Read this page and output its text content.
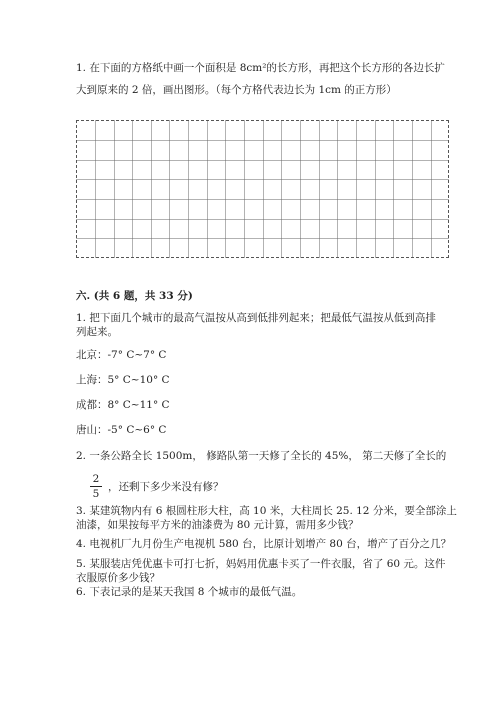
1. 在下面的方格纸中画一个面积是 8cm²的长方形，再把这个长方形的各边长扩
大到原来的 2 倍，画出图形。（每个方格代表边长为 1cm 的正方形）
六. (共 6 题，共 33 分)
1. 把下面几个城市的最高气温按从高到低排列起来；把最低气温按从低到高排
列起来。
北京：-7° C~7° C
上海：5° C~10° C
成都：8° C~11° C
唐山：-5° C~6° C
2. 一条公路全长 1500m， 修路队第一天修了全长的 45%， 第二天修了全长的
$\frac{2}{5}$ ，还剩下多少米没有修？
3. 某建筑物内有 6 根圆柱形大柱，高 10 米，大柱周长 25. 12 分米，要全部涂上
油漆，如果按每平方米的油漆费为 80 元计算，需用多少钱？
4. 电视机厂九月份生产电视机 580 台，比原计划增产 80 台，增产了百分之几？
5. 某服装店凭优惠卡可打七折，妈妈用优惠卡买了一件衣服，省了 60 元。这件
衣服原价多少钱？
6. 下表记录的是某天我国 8 个城市的最低气温。
